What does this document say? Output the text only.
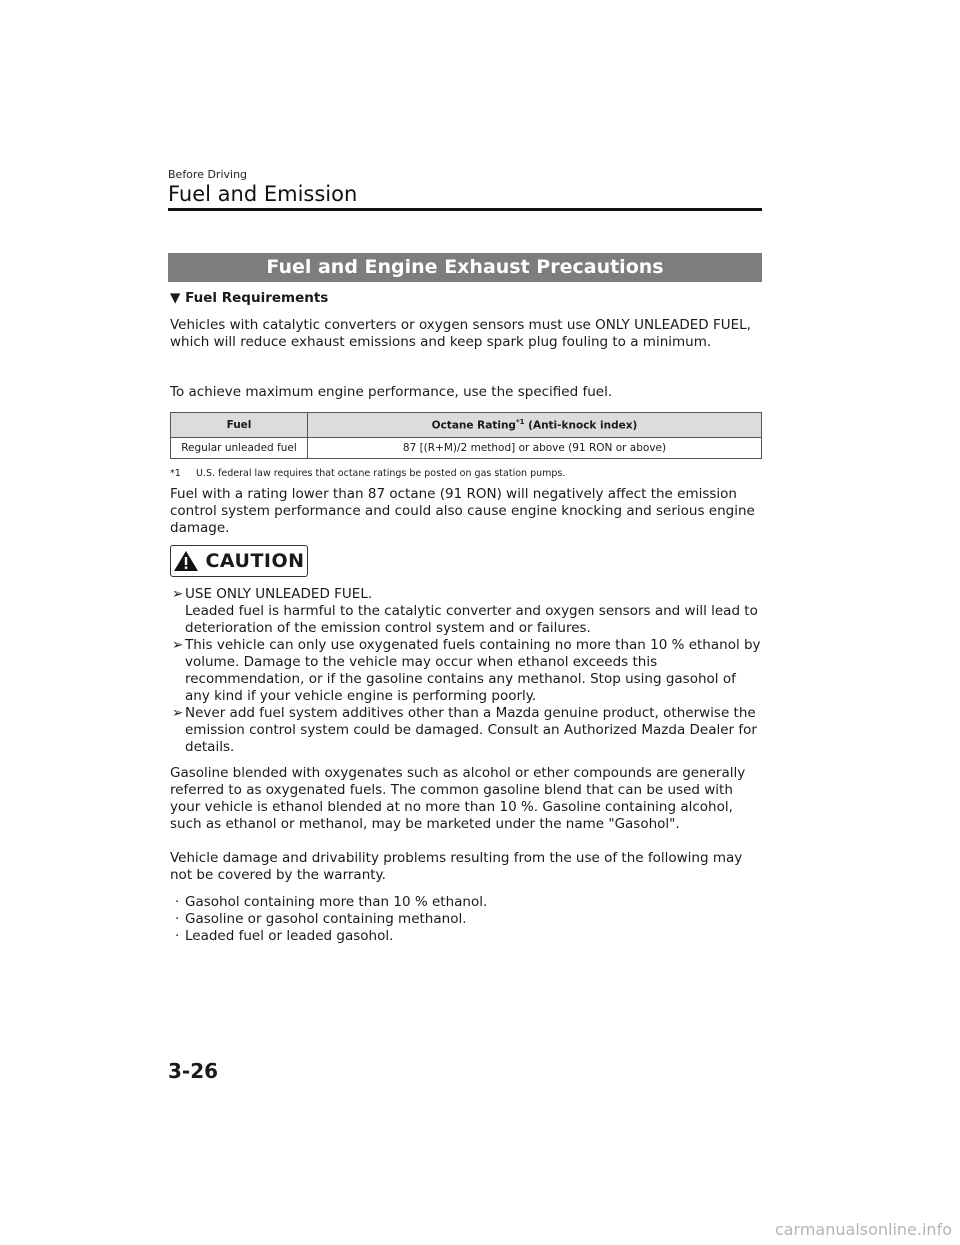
Before Driving
Fuel and Emission
Fuel and Engine Exhaust Precautions
▼ Fuel Requirements
Vehicles with catalytic converters or oxygen sensors must use ONLY UNLEADED FUEL, which will reduce exhaust emissions and keep spark plug fouling to a minimum.
To achieve maximum engine performance, use the specified fuel.
Fuel	Octane Rating$^{*1}$ (Anti-knock index)
Regular unleaded fuel	87 [(R+M)/2 method] or above (91 RON or above)
*1 U.S. federal law requires that octane ratings be posted on gas station pumps.
Fuel with a rating lower than 87 octane (91 RON) will negatively affect the emission control system performance and could also cause engine knocking and serious engine damage.
CAUTION
➢ USE ONLY UNLEADED FUEL.
Leaded fuel is harmful to the catalytic converter and oxygen sensors and will lead to deterioration of the emission control system and or failures.
➢ This vehicle can only use oxygenated fuels containing no more than 10 % ethanol by volume. Damage to the vehicle may occur when ethanol exceeds this recommendation, or if the gasoline contains any methanol. Stop using gasohol of any kind if your vehicle engine is performing poorly.
➢ Never add fuel system additives other than a Mazda genuine product, otherwise the emission control system could be damaged. Consult an Authorized Mazda Dealer for details.
Gasoline blended with oxygenates such as alcohol or ether compounds are generally referred to as oxygenated fuels. The common gasoline blend that can be used with your vehicle is ethanol blended at no more than 10 %. Gasoline containing alcohol, such as ethanol or methanol, may be marketed under the name "Gasohol".
Vehicle damage and drivability problems resulting from the use of the following may not be covered by the warranty.
· Gasohol containing more than 10 % ethanol.
· Gasoline or gasohol containing methanol.
· Leaded fuel or leaded gasohol.
3-26
carmanualsonline.info
